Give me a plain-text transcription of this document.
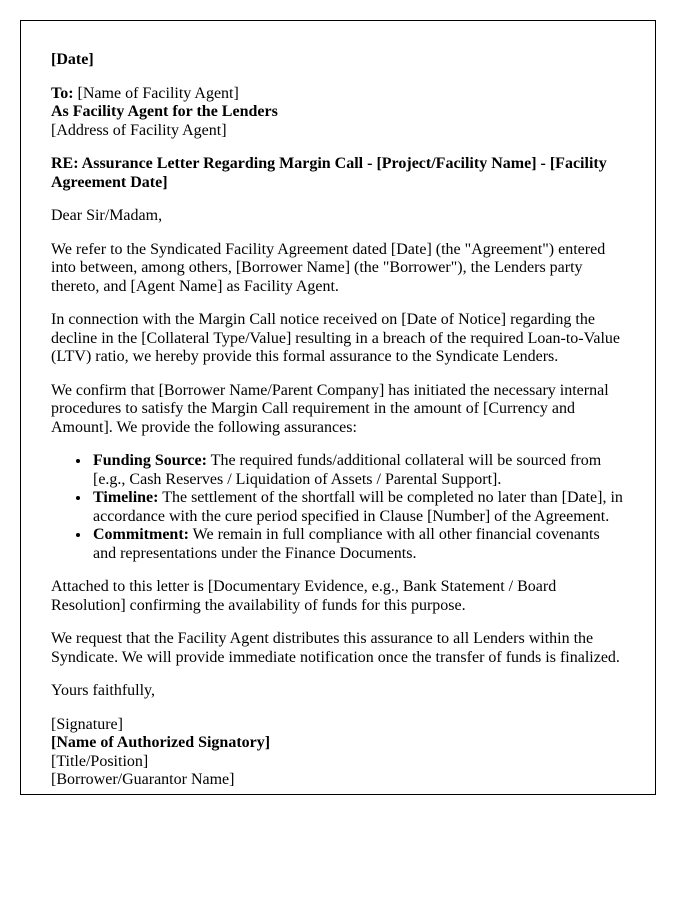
[Date]

To: [Name of Facility Agent]
As Facility Agent for the Lenders
[Address of Facility Agent]

RE: Assurance Letter Regarding Margin Call - [Project/Facility Name] - [Facility Agreement Date]

Dear Sir/Madam,

We refer to the Syndicated Facility Agreement dated [Date] (the "Agreement") entered into between, among others, [Borrower Name] (the "Borrower"), the Lenders party thereto, and [Agent Name] as Facility Agent.

In connection with the Margin Call notice received on [Date of Notice] regarding the decline in the [Collateral Type/Value] resulting in a breach of the required Loan-to-Value (LTV) ratio, we hereby provide this formal assurance to the Syndicate Lenders.

We confirm that [Borrower Name/Parent Company] has initiated the necessary internal procedures to satisfy the Margin Call requirement in the amount of [Currency and Amount]. We provide the following assurances:

• Funding Source: The required funds/additional collateral will be sourced from [e.g., Cash Reserves / Liquidation of Assets / Parental Support].
• Timeline: The settlement of the shortfall will be completed no later than [Date], in accordance with the cure period specified in Clause [Number] of the Agreement.
• Commitment: We remain in full compliance with all other financial covenants and representations under the Finance Documents.

Attached to this letter is [Documentary Evidence, e.g., Bank Statement / Board Resolution] confirming the availability of funds for this purpose.

We request that the Facility Agent distributes this assurance to all Lenders within the Syndicate. We will provide immediate notification once the transfer of funds is finalized.

Yours faithfully,

[Signature]
[Name of Authorized Signatory]
[Title/Position]
[Borrower/Guarantor Name]
